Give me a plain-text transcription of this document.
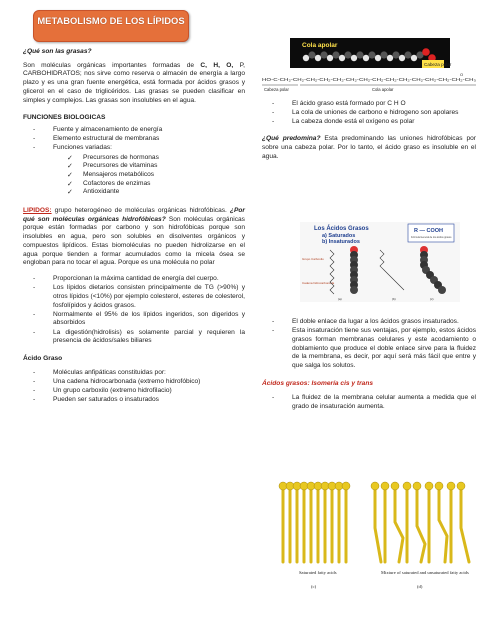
METABOLISMO DE LOS LÍPIDOS
¿Qué son las grasas?
Son moléculas orgánicas importantes formadas de C, H, O, P, CARBOHIDRATOS; nos sirve como reserva o almacén de energía a largo plazo y es una gran fuente energética, está formada por ácidos grasos y glicerol en el caso de triglicéridos. Las grasas se pueden clasificar en simples y complejos. Las grasas son insolubles en el agua.
FUNCIONES BIOLOGICAS
- Fuente y almacenamiento de energía
- Elemento estructural de membranas
- Funciones variadas:
✓ Precursores de hormonas
✓ Precursores de vitaminas
✓ Mensajeros metabólicos
✓ Cofactores de enzimas
✓ Antioxidante
LIPIDOS: grupo heterogéneo de moléculas orgánicas hidrofóbicas. ¿Por qué son moléculas orgánicas hidrofóbicas? Son moléculas orgánicas porque están formadas por carbono y son hidrofóbicas porque son insolubles en agua, pero son solubles en disolventes orgánicos y compuestos lipídicos. Estas biomoléculas no pueden hidrolizarse en el agua porque tienden a formar acumulados como la micela ósea se engloban para no tocar el agua. Porque es una molécula no polar
- Proporcionan la máxima cantidad de energía del cuerpo.
- Los lípidos dietarios consisten principalmente de TG (>90%) y otros lípidos (<10%) por ejemplo colesterol, esteres de colesterol, fosfolípidos y ácidos grasos.
- Normalmente el 95% de los lípidos ingeridos, son digeridos y absorbidos
- La digestión(hidrolisis) es solamente parcial y requieren la presencia de ácidos/sales biliares
Ácido Graso
- Moléculas anfipáticas constituidas por:
- Una cadena hidrocarbonada (extremo hidrofóbico)
- Un grupo carboxilo (extremo hidrofilacio)
- Pueden ser saturados o insaturados
Cola apolar
Cabeza polar
O
HO-C-CH₂-CH₂-CH₂-CH₂-CH₂-CH₂-CH₂-CH₂-CH₂-CH₂-CH₂-CH₂-CH₂-CH₂-CH₃
Cabeza polar	Cola apolar
- El ácido graso está formado por C H O
- La cola de uniones de carbono e hidrogeno son apolares
- La cabeza donde está el oxígeno es polar
¿Qué predomina? Esta predominando las uniones hidrofóbicas por sobre una cabeza polar. Por lo tanto, el ácido graso es insoluble en el agua.
Los Ácidos Grasos
a) Saturados
b) Insaturados
R — COOH
Fórmula General de los ácidos grasos
Grupo Carboxilo
Cadena hidrocarbonada
(a)	(b)	(c)
- El doble enlace da lugar a los ácidos grasos insaturados.
- Esta insaturación tiene sus ventajas, por ejemplo, estos ácidos grasos forman membranas celulares y este acodamiento o doblamiento que produce el doble enlace sirve para la fluidez de la membrana, es decir, por aquí será más fácil que entre y que salga los solutos.
Ácidos grasos: Isomería cis y trans
- La fluidez de la membrana celular aumenta a medida que el grado de insaturación aumenta.
Saturated fatty acids	Mixture of saturated and unsaturated fatty acids
(c)	(d)
